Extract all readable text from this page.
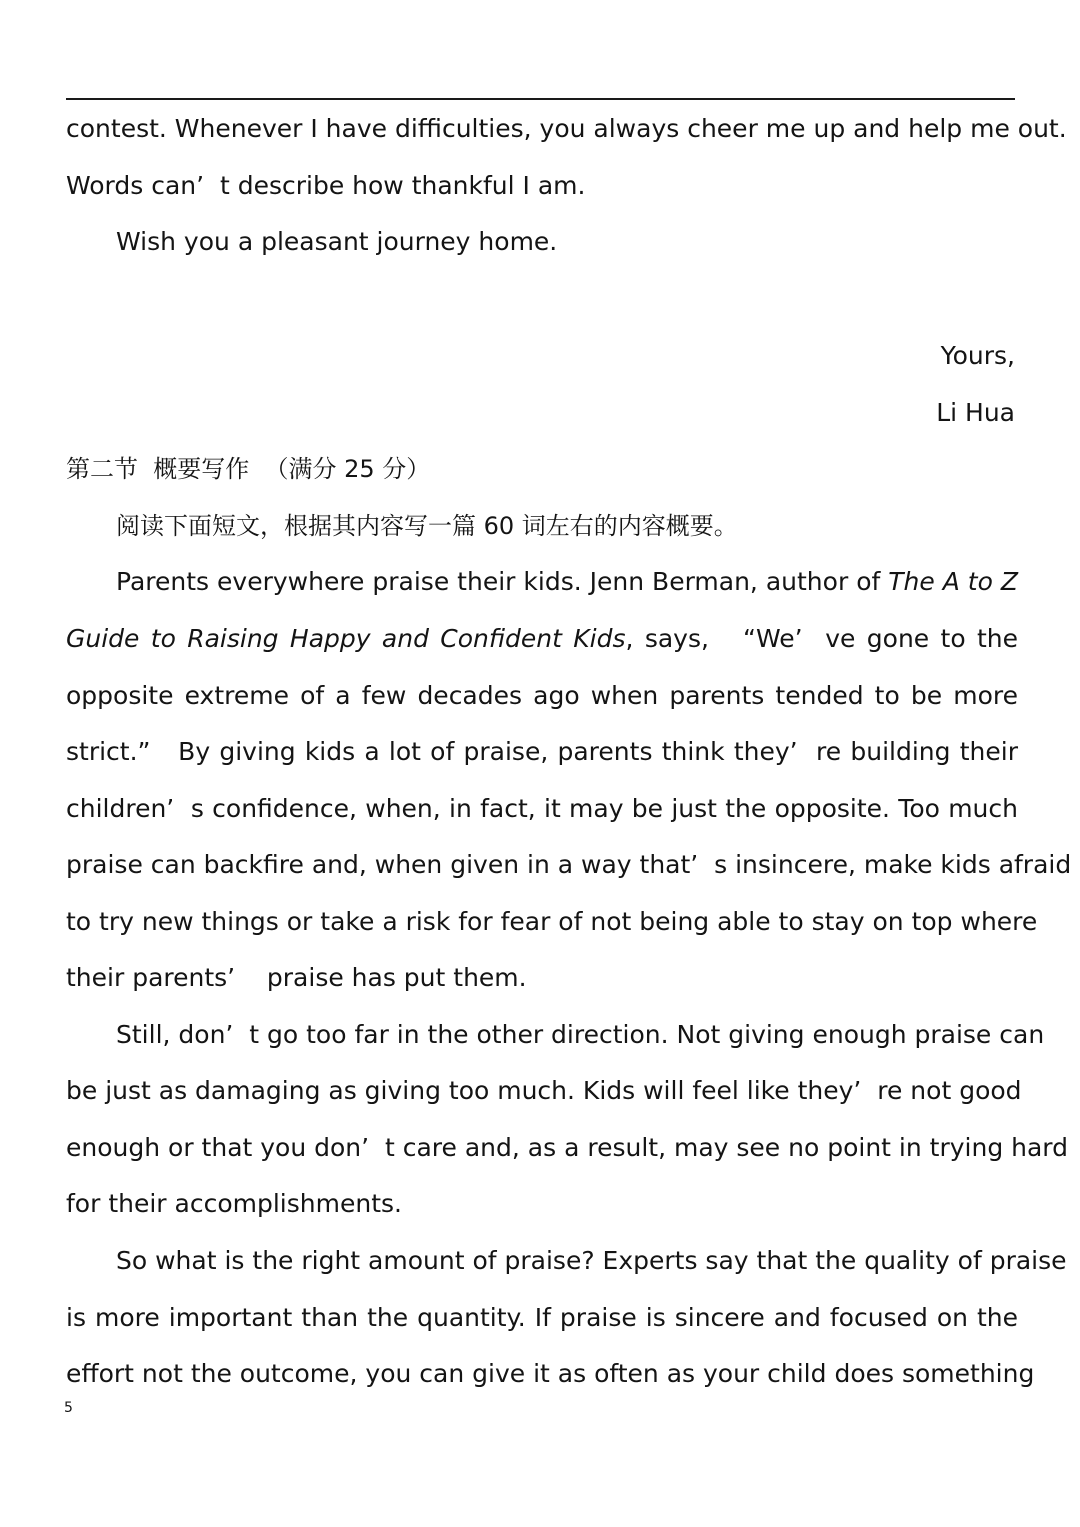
contest. Whenever I have difficulties, you always cheer me up and help me out.
Words can’  t describe how thankful I am.
Wish you a pleasant journey home.
Yours,
Li Hua
第二节  概要写作  （满分 25 分）
阅读下面短文，根据其内容写一篇 60 词左右的内容概要。
Parents everywhere praise their kids. Jenn Berman, author of The A to Z
Guide to Raising Happy and Confident Kids, says,   “We’  ve gone to the
opposite extreme of a few decades ago when parents tended to be more
strict.”   By giving kids a lot of praise, parents think they’  re building their
children’  s confidence, when, in fact, it may be just the opposite. Too much
praise can backfire and, when given in a way that’  s insincere, make kids afraid
to try new things or take a risk for fear of not being able to stay on top where
their parents’    praise has put them.
Still, don’  t go too far in the other direction. Not giving enough praise can
be just as damaging as giving too much. Kids will feel like they’  re not good
enough or that you don’  t care and, as a result, may see no point in trying hard
for their accomplishments.
So what is the right amount of praise? Experts say that the quality of praise
is more important than the quantity. If praise is sincere and focused on the
effort not the outcome, you can give it as often as your child does something
5
